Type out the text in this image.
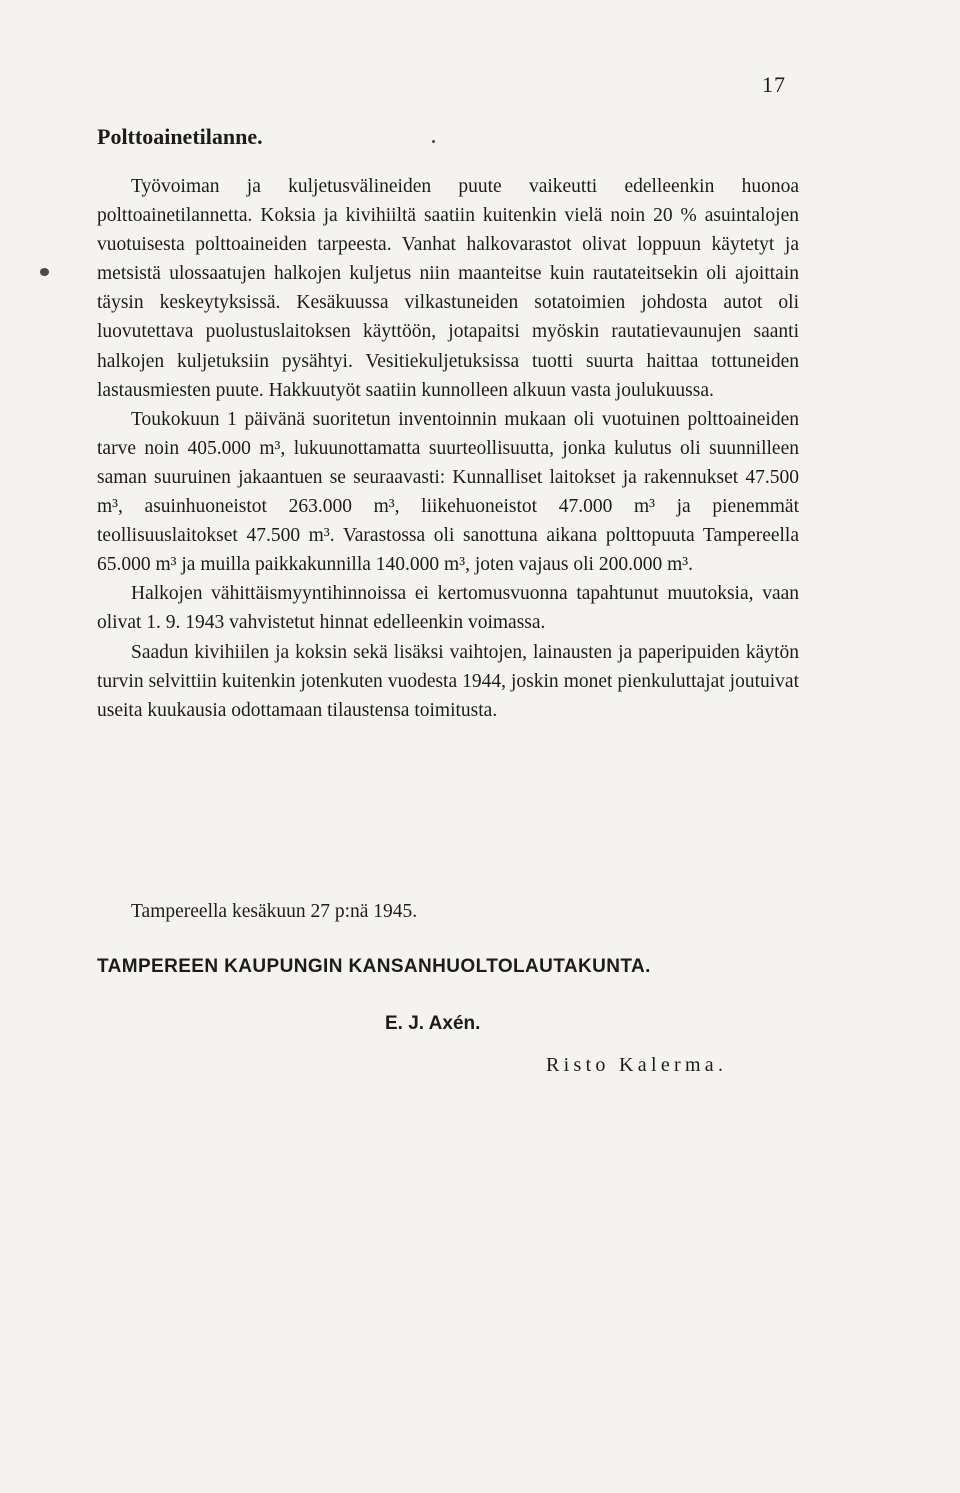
17
Polttoainetilanne.

Työvoiman ja kuljetusvälineiden puute vaikeutti edelleenkin huonoa polttoainetilannetta. Koksia ja kivihiiltä saatiin kuitenkin vielä noin 20 % asuintalojen vuotuisesta polttoaineiden tarpeesta. Vanhat halkovarastot olivat loppuun käytetyt ja metsistä ulossaatujen halkojen kuljetus niin maanteitse kuin rautateitsekin oli ajoittain täysin keskeytyksissä. Kesäkuussa vilkastuneiden sotatoimien johdosta autot oli luovutettava puolustuslaitoksen käyttöön, jotapaitsi myöskin rautatievaunujen saanti halkojen kuljetuksiin pysähtyi. Vesitiekuljetuksissa tuotti suurta haittaa tottuneiden lastausmiesten puute. Hakkuutyöt saatiin kunnolleen alkuun vasta joulukuussa.

Toukokuun 1 päivänä suoritetun inventoinnin mukaan oli vuotuinen polttoaineiden tarve noin 405.000 m³, lukuunottamatta suurteollisuutta, jonka kulutus oli suunnilleen saman suuruinen jakaantuen se seuraavasti: Kunnalliset laitokset ja rakennukset 47.500 m³, asuinhuoneistot 263.000 m³, liikehuoneistot 47.000 m³ ja pienemmät teollisuuslaitokset 47.500 m³. Varastossa oli sanottuna aikana polttopuuta Tampereella 65.000 m³ ja muilla paikkakunnilla 140.000 m³, joten vajaus oli 200.000 m³.

Halkojen vähittäismyyntihinnoissa ei kertomusvuonna tapahtunut muutoksia, vaan olivat 1. 9. 1943 vahvistetut hinnat edelleenkin voimassa.

Saadun kivihiilen ja koksin sekä lisäksi vaihtojen, lainausten ja paperipuiden käytön turvin selvittiin kuitenkin jotenkuten vuodesta 1944, joskin monet pienkuluttajat joutuivat useita kuukausia odottamaan tilaustensa toimitusta.

Tampereella kesäkuun 27 p:nä 1945.
TAMPEREEN KAUPUNGIN KANSANHUOLTOLAUTAKUNTA.
E. J. Axén.
Risto Kalerma.
